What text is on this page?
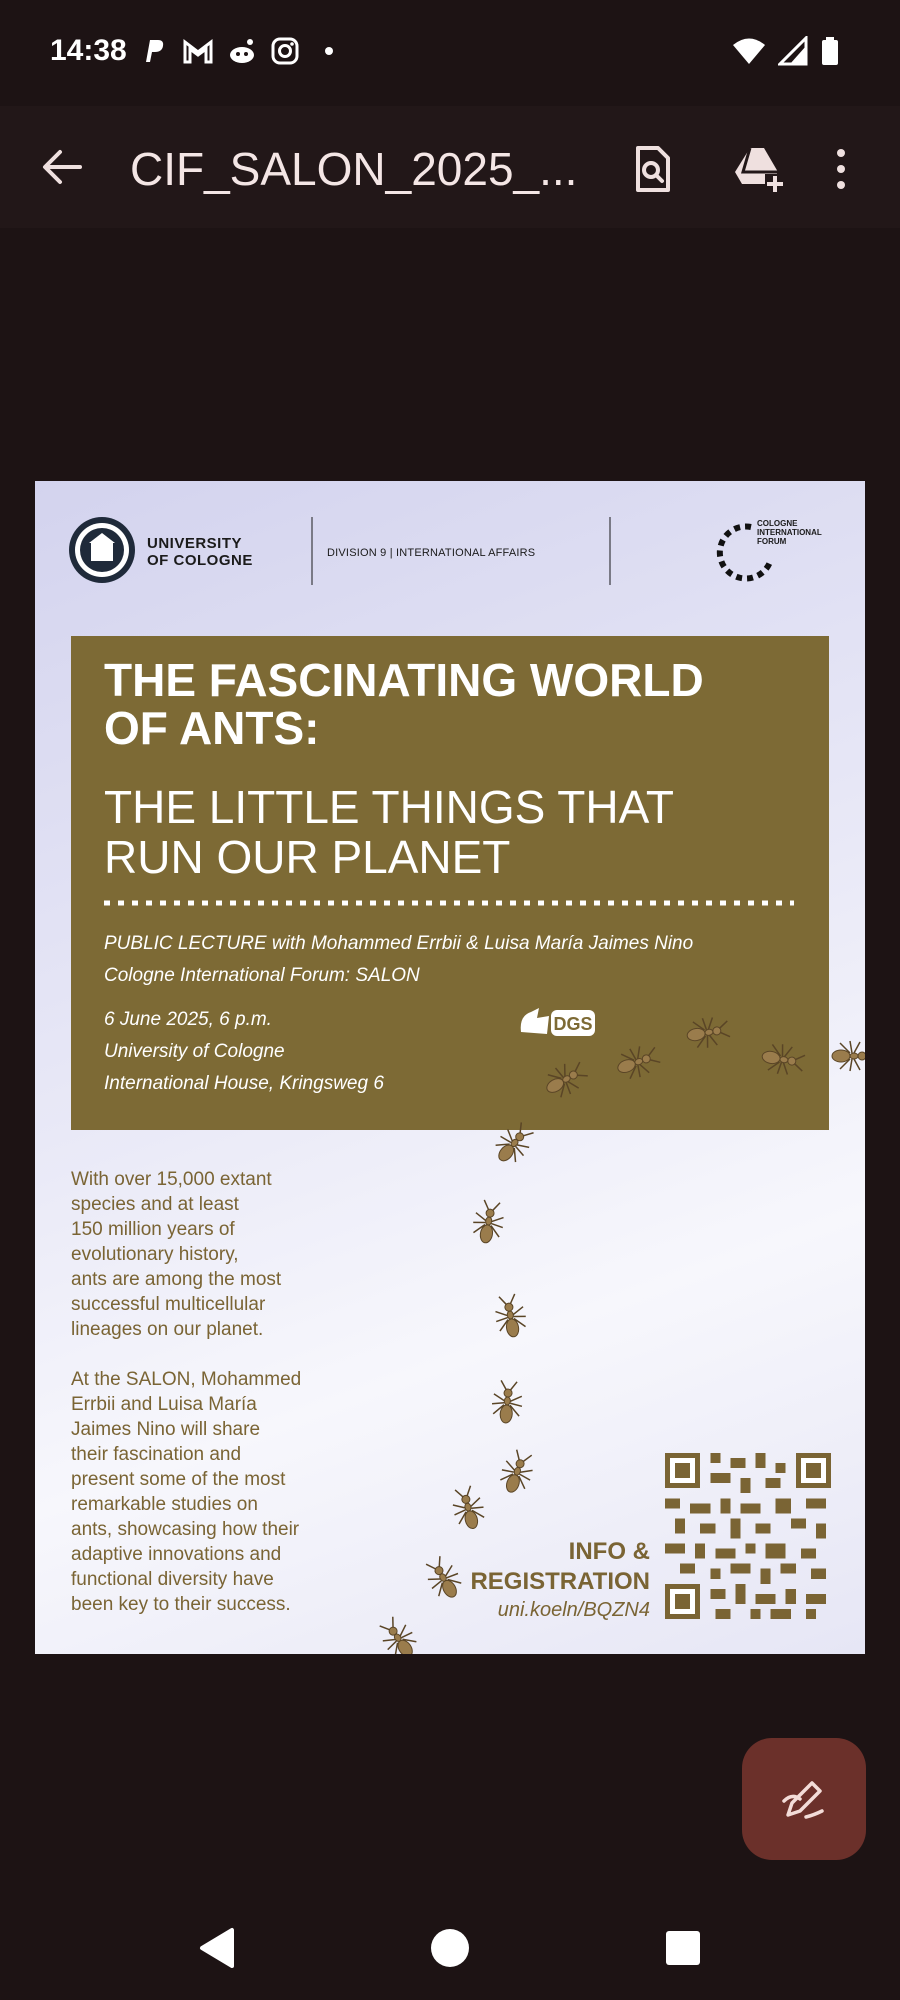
14:38
CIF_SALON_2025_...
UNIVERSITY
OF COLOGNE	DIVISION 9 | INTERNATIONAL AFFAIRS
COLOGNE
INTERNATIONAL
FORUM
THE FASCINATING WORLD
OF ANTS:
THE LITTLE THINGS THAT
RUN OUR PLANET
PUBLIC LECTURE with Mohammed Errbii & Luisa María Jaimes Nino
Cologne International Forum: SALON
6 June 2025, 6 p.m.
University of Cologne
International House, Kringsweg 6
DGS

With over 15,000 extant
species and at least
150 million years of
evolutionary history,
ants are among the most
successful multicellular
lineages on our planet.

At the SALON, Mohammed
Errbii and Luisa María
Jaimes Nino will share
their fascination and
present some of the most
remarkable studies on
ants, showcasing how their
adaptive innovations and
functional diversity have
been key to their success.

INFO &
REGISTRATION
uni.koeln/BQZN4
